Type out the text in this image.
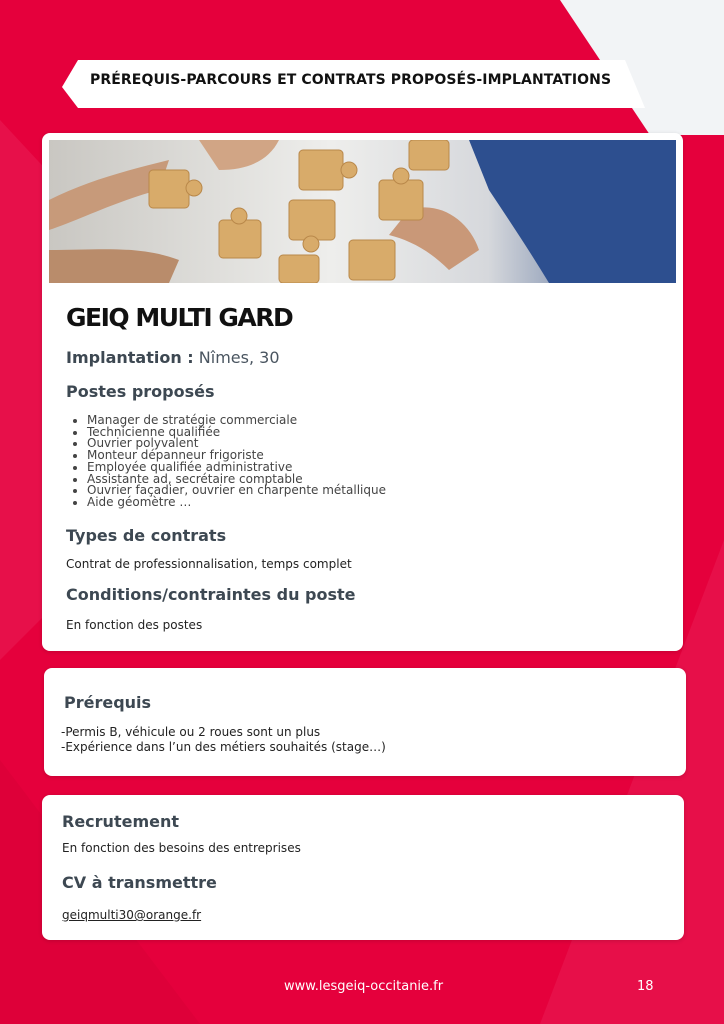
PRÉREQUIS-PARCOURS ET CONTRATS PROPOSÉS-IMPLANTATIONS
GEIQ MULTI GARD
Implantation : Nîmes, 30
Postes proposés
• Manager de stratégie commerciale
• Technicienne qualifiée
• Ouvrier polyvalent
• Monteur dépanneur frigoriste
• Employée qualifiée administrative
• Assistante ad, secrétaire comptable
• Ouvrier façadier, ouvrier en charpente métallique
• Aide géomètre …
Types de contrats
Contrat de professionnalisation, temps complet
Conditions/contraintes du poste
En fonction des postes
Prérequis
-Permis B, véhicule ou 2 roues sont un plus
-Expérience dans l’un des métiers souhaités (stage…)
Recrutement
En fonction des besoins des entreprises
CV à transmettre
geiqmulti30@orange.fr
www.lesgeiq-occitanie.fr	18
